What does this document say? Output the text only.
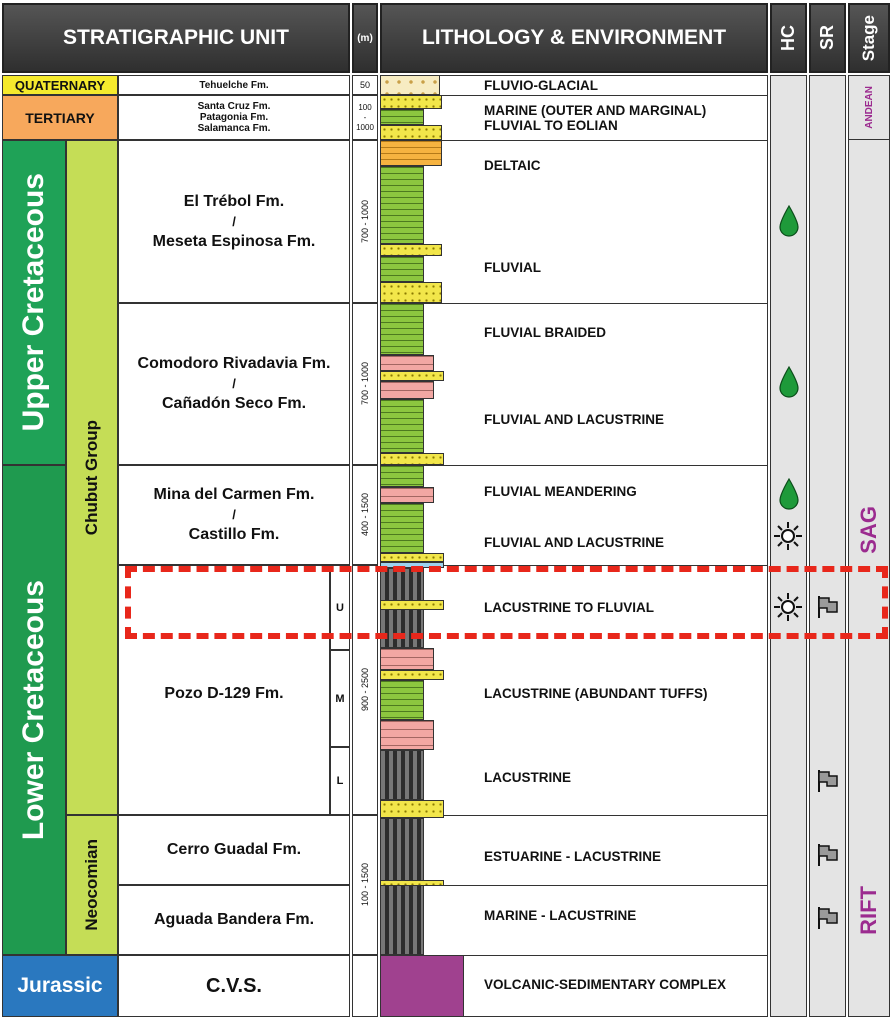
STRATIGRAPHIC UNIT	(m) LITHOLOGY & ENVIRONMENT	HC SR Stage
QUATERNARY
TERTIARY
Upper Cretaceous
Lower Cretaceous
Jurassic
Chubut Group
Neocomian
Tehuelche Fm.
Santa Cruz Fm.
Patagonia Fm.
Salamanca Fm.
El Trébol Fm.
/
Meseta Espinosa Fm.
Comodoro Rivadavia Fm.
/
Cañadón Seco Fm.
Mina del Carmen Fm.
/
Castillo Fm.
Pozo D-129 Fm.
U
M
L
Cerro Guadal Fm.
Aguada Bandera Fm.
C.V.S.
50
100
-
1000
700 - 1000
700 - 1000
400 - 1500
900 - 2500
100 - 1500
FLUVIO-GLACIAL
MARINE (OUTER AND MARGINAL)
FLUVIAL TO EOLIAN
DELTAIC
FLUVIAL
FLUVIAL BRAIDED
FLUVIAL AND LACUSTRINE
FLUVIAL MEANDERING
FLUVIAL AND LACUSTRINE
LACUSTRINE TO FLUVIAL
LACUSTRINE (ABUNDANT TUFFS)
LACUSTRINE
ESTUARINE - LACUSTRINE
MARINE - LACUSTRINE
VOLCANIC-SEDIMENTARY COMPLEX
ANDEAN
SAG
RIFT
